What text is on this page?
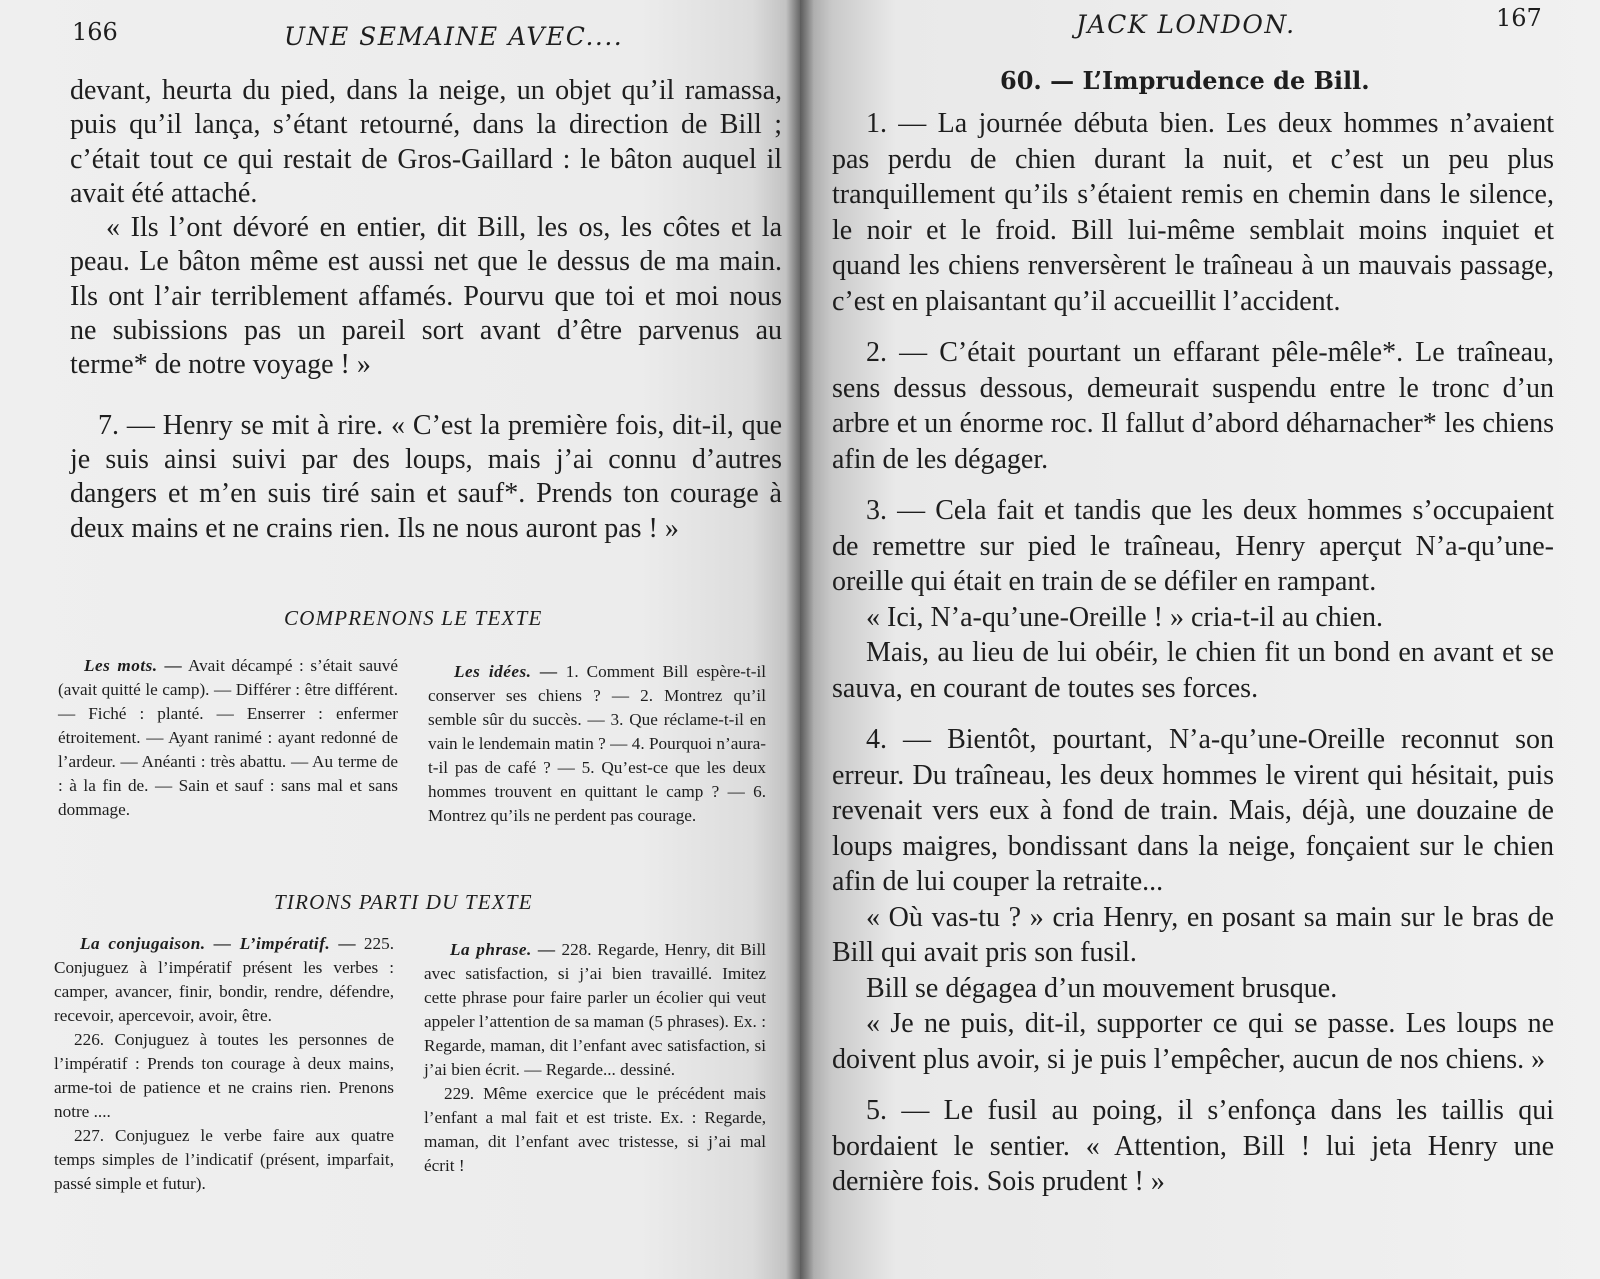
166	UNE SEMAINE AVEC....

devant, heurta du pied, dans la neige, un objet qu’il ramassa, puis qu’il lança, s’étant retourné, dans la direction de Bill ; c’était tout ce qui restait de Gros-Gaillard : le bâton auquel il avait été attaché.

« Ils l’ont dévoré en entier, dit Bill, les os, les côtes et la peau. Le bâton même est aussi net que le dessus de ma main. Ils ont l’air terriblement affamés. Pourvu que toi et moi nous ne subissions pas un pareil sort avant d’être parvenus au terme* de notre voyage ! »

7. — Henry se mit à rire. « C’est la première fois, dit-il, que je suis ainsi suivi par des loups, mais j’ai connu d’autres dangers et m’en suis tiré sain et sauf*. Prends ton courage à deux mains et ne crains rien. Ils ne nous auront pas ! »

COMPRENONS LE TEXTE

Les mots. — Avait décampé : s’était sauvé (avait quitté le camp). — Différer : être différent. — Fiché : planté. — Enserrer : enfermer étroitement. — Ayant ranimé : ayant redonné de l’ardeur. — Anéanti : très abattu. — Au terme de : à la fin de. — Sain et sauf : sans mal et sans dommage.

Les idées. — 1. Comment Bill espère-t-il conserver ses chiens ? — 2. Montrez qu’il semble sûr du succès. — 3. Que réclame-t-il en vain le lendemain matin ? — 4. Pourquoi n’aura-t-il pas de café ? — 5. Qu’est-ce que les deux hommes trouvent en quittant le camp ? — 6. Montrez qu’ils ne perdent pas courage.

TIRONS PARTI DU TEXTE

La conjugaison. — L’impératif. — 225. Conjuguez à l’impératif présent les verbes : camper, avancer, finir, bondir, rendre, défendre, recevoir, apercevoir, avoir, être.

226. Conjuguez à toutes les personnes de l’impératif : Prends ton courage à deux mains, arme-toi de patience et ne crains rien. Prenons notre ....

227. Conjuguez le verbe faire aux quatre temps simples de l’indicatif (présent, imparfait, passé simple et futur).

La phrase. — 228. Regarde, Henry, dit Bill avec satisfaction, si j’ai bien travaillé. Imitez cette phrase pour faire parler un écolier qui veut appeler l’attention de sa maman (5 phrases). Ex. : Regarde, maman, dit l’enfant avec satisfaction, si j’ai bien écrit. — Regarde... dessiné.

229. Même exercice que le précédent mais l’enfant a mal fait et est triste. Ex. : Regarde, maman, dit l’enfant avec tristesse, si j’ai mal écrit !

JACK LONDON.	167
60. — L’Imprudence de Bill.

1. — La journée débuta bien. Les deux hommes n’avaient pas perdu de chien durant la nuit, et c’est un peu plus tranquillement qu’ils s’étaient remis en chemin dans le silence, le noir et le froid. Bill lui-même semblait moins inquiet et quand les chiens renversèrent le traîneau à un mauvais passage, c’est en plaisantant qu’il accueillit l’accident.

2. — C’était pourtant un effarant pêle-mêle*. Le traîneau, sens dessus dessous, demeurait suspendu entre le tronc d’un arbre et un énorme roc. Il fallut d’abord déharnacher* les chiens afin de les dégager.

3. — Cela fait et tandis que les deux hommes s’occupaient de remettre sur pied le traîneau, Henry aperçut N’a-qu’une-oreille qui était en train de se défiler en rampant.

« Ici, N’a-qu’une-Oreille ! » cria-t-il au chien.

Mais, au lieu de lui obéir, le chien fit un bond en avant et se sauva, en courant de toutes ses forces.

4. — Bientôt, pourtant, N’a-qu’une-Oreille reconnut son erreur. Du traîneau, les deux hommes le virent qui hésitait, puis revenait vers eux à fond de train. Mais, déjà, une douzaine de loups maigres, bondissant dans la neige, fonçaient sur le chien afin de lui couper la retraite...

« Où vas-tu ? » cria Henry, en posant sa main sur le bras de Bill qui avait pris son fusil.

Bill se dégagea d’un mouvement brusque.

« Je ne puis, dit-il, supporter ce qui se passe. Les loups ne doivent plus avoir, si je puis l’empêcher, aucun de nos chiens. »

5. — Le fusil au poing, il s’enfonça dans les taillis qui bordaient le sentier. « Attention, Bill ! lui jeta Henry une dernière fois. Sois prudent ! »
